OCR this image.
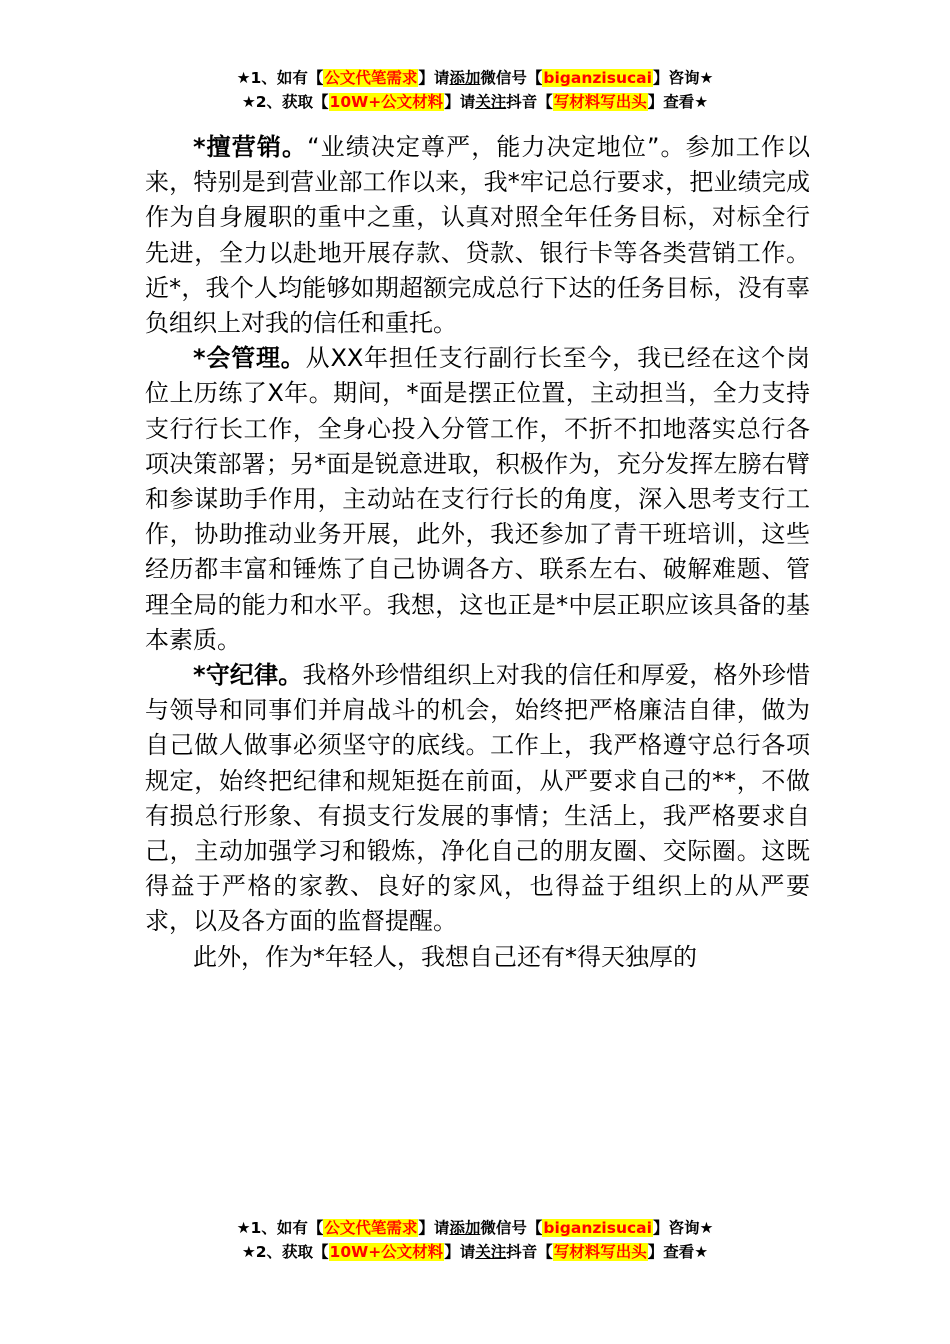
★1、如有【公文代笔需求】请添加微信号【biganzisucai】咨询★
★2、获取【10W+公文材料】请关注抖音【写材料写出头】查看★

*擅营销。“业绩决定尊严，能力决定地位”。参加工作以来，特别是到营业部工作以来，我*牢记总行要求，把业绩完成作为自身履职的重中之重，认真对照全年任务目标，对标全行先进，全力以赴地开展存款、贷款、银行卡等各类营销工作。近*，我个人均能够如期超额完成总行下达的任务目标，没有辜负组织上对我的信任和重托。

*会管理。从XX年担任支行副行长至今，我已经在这个岗位上历练了X年。期间，*面是摆正位置，主动担当，全力支持支行行长工作，全身心投入分管工作，不折不扣地落实总行各项决策部署；另*面是锐意进取，积极作为，充分发挥左膀右臂和参谋助手作用，主动站在支行行长的角度，深入思考支行工作，协助推动业务开展，此外，我还参加了青干班培训，这些经历都丰富和锤炼了自己协调各方、联系左右、破解难题、管理全局的能力和水平。我想，这也正是*中层正职应该具备的基本素质。

*守纪律。我格外珍惜组织上对我的信任和厚爱，格外珍惜与领导和同事们并肩战斗的机会，始终把严格廉洁自律，做为自己做人做事必须坚守的底线。工作上，我严格遵守总行各项规定，始终把纪律和规矩挺在前面，从严要求自己的**，不做有损总行形象、有损支行发展的事情；生活上，我严格要求自己，主动加强学习和锻炼，净化自己的朋友圈、交际圈。这既得益于严格的家教、良好的家风，也得益于组织上的从严要求，以及各方面的监督提醒。

此外，作为*年轻人，我想自己还有*得天独厚的

★1、如有【公文代笔需求】请添加微信号【biganzisucai】咨询★
★2、获取【10W+公文材料】请关注抖音【写材料写出头】查看★
